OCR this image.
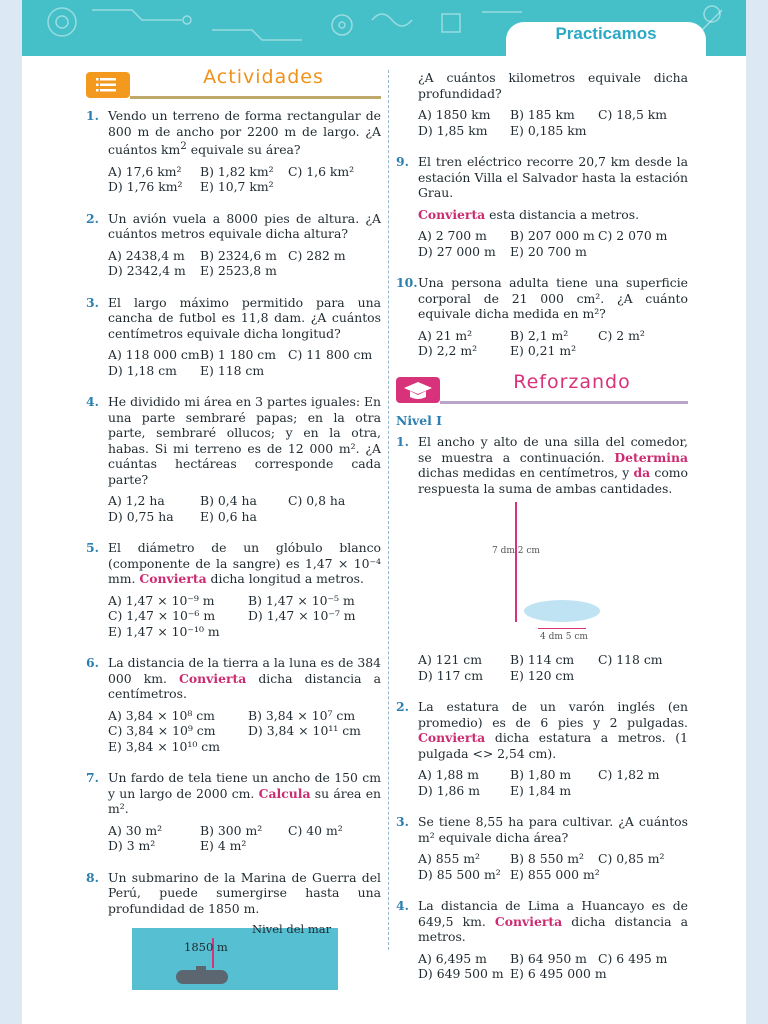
Practicamos
Actividades
1. Vendo un terreno de forma rectangular de 800 m de ancho por 2200 m de largo. ¿A cuántos $km^2$ equivale su área?
A) 17,6 km²	B) 1,82 km²	C) 1,6 km²
D) 1,76 km²	E) 10,7 km²
2. Un avión vuela a 8000 pies de altura. ¿A cuántos metros equivale dicha altura?
A) 2438,4 m	B) 2324,6 m C) 282 m
D) 2342,4 m	E) 2523,8 m
3. El largo máximo permitido para una cancha de futbol es 11,8 dam. ¿A cuántos centímetros equivale dicha longitud?
A) 118 000 cm B) 1 180 cm C) 11 800 cm
D) 1,18 cm	E) 118 cm
4. He dividido mi área en 3 partes iguales: En una parte sembraré papas; en la otra parte, sembraré ollucos; y en la otra, habas. Si mi terreno es de 12 000 m². ¿A cuántas hectáreas corresponde cada parte?
A) 1,2 ha	B) 0,4 ha	C) 0,8 ha
D) 0,75 ha	E) 0,6 ha
5. El diámetro de un glóbulo blanco (componente de la sangre) es 1,47 × 10⁻⁴ mm. Convierta dicha longitud a metros.
A) 1,47 × 10⁻⁹ m	B) 1,47 × 10⁻⁵ m
C) 1,47 × 10⁻⁶ m	D) 1,47 × 10⁻⁷ m
E) 1,47 × 10⁻¹⁰ m
6. La distancia de la tierra a la luna es de 384 000 km. Convierta dicha distancia a centímetros.
A) 3,84 × 10⁸ cm	B) 3,84 × 10⁷ cm
C) 3,84 × 10⁹ cm	D) 3,84 × 10¹¹ cm
E) 3,84 × 10¹⁰ cm
7. Un fardo de tela tiene un ancho de 150 cm y un largo de 2000 cm. Calcula su área en m².
A) 30 m²	B) 300 m²	C) 40 m²
D) 3 m²	E) 4 m²
8. Un submarino de la Marina de Guerra del Perú, puede sumergirse hasta una profundidad de 1850 m.
Nivel del mar
1850 m
¿A cuántos kilometros equivale dicha profundidad?
A) 1850 km	B) 185 km	C) 18,5 km
D) 1,85 km	E) 0,185 km
9. El tren eléctrico recorre 20,7 km desde la estación Villa el Salvador hasta la estación Grau.
Convierta esta distancia a metros.
A) 2 700 m	B) 207 000 m C) 2 070 m
D) 27 000 m	E) 20 700 m
10. Una persona adulta tiene una superficie corporal de 21 000 cm². ¿A cuánto equivale dicha medida en m²?
A) 21 m²	B) 2,1 m²	C) 2 m²
D) 2,2 m²	E) 0,21 m²
Reforzando
Nivel I
1. El ancho y alto de una silla del comedor, se muestra a continuación. Determina dichas medidas en centímetros, y da como respuesta la suma de ambas cantidades.
7 dm 2 cm
4 dm 5 cm
A) 121 cm	B) 114 cm	C) 118 cm
D) 117 cm	E) 120 cm
2. La estatura de un varón inglés (en promedio) es de 6 pies y 2 pulgadas. Convierta dicha estatura a metros. (1 pulgada <> 2,54 cm).
A) 1,88 m	B) 1,80 m	C) 1,82 m
D) 1,86 m	E) 1,84 m
3. Se tiene 8,55 ha para cultivar. ¿A cuántos m² equivale dicha área?
A) 855 m²	B) 8 550 m²	C) 0,85 m²
D) 85 500 m² E) 855 000 m²
4. La distancia de Lima a Huancayo es de 649,5 km. Convierta dicha distancia a metros.
A) 6,495 m	B) 64 950 m C) 6 495 m
D) 649 500 m E) 6 495 000 m
